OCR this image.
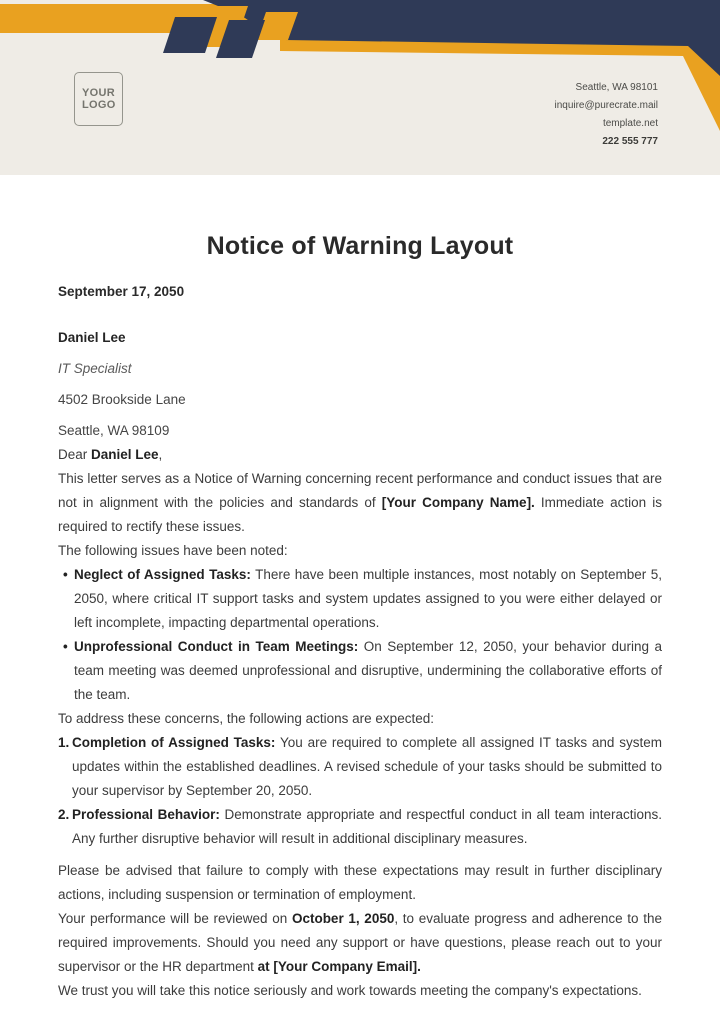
YOUR
LOGO
Seattle, WA 98101
inquire@purecrate.mail
template.net
222 555 777
Notice of Warning Layout

September 17, 2050

Daniel Lee

IT Specialist

4502 Brookside Lane

Seattle, WA 98109

Dear Daniel Lee,

This letter serves as a Notice of Warning concerning recent performance and conduct issues that are not in alignment with the policies and standards of [Your Company Name]. Immediate action is required to rectify these issues.

The following issues have been noted:

• Neglect of Assigned Tasks: There have been multiple instances, most notably on September 5, 2050, where critical IT support tasks and system updates assigned to you were either delayed or left incomplete, impacting departmental operations.
• Unprofessional Conduct in Team Meetings: On September 12, 2050, your behavior during a team meeting was deemed unprofessional and disruptive, undermining the collaborative efforts of the team.

To address these concerns, the following actions are expected:

1. Completion of Assigned Tasks: You are required to complete all assigned IT tasks and system updates within the established deadlines. A revised schedule of your tasks should be submitted to your supervisor by September 20, 2050.
2. Professional Behavior: Demonstrate appropriate and respectful conduct in all team interactions. Any further disruptive behavior will result in additional disciplinary measures.

Please be advised that failure to comply with these expectations may result in further disciplinary actions, including suspension or termination of employment.

Your performance will be reviewed on October 1, 2050, to evaluate progress and adherence to the required improvements. Should you need any support or have questions, please reach out to your supervisor or the HR department at [Your Company Email].

We trust you will take this notice seriously and work towards meeting the company's expectations.
